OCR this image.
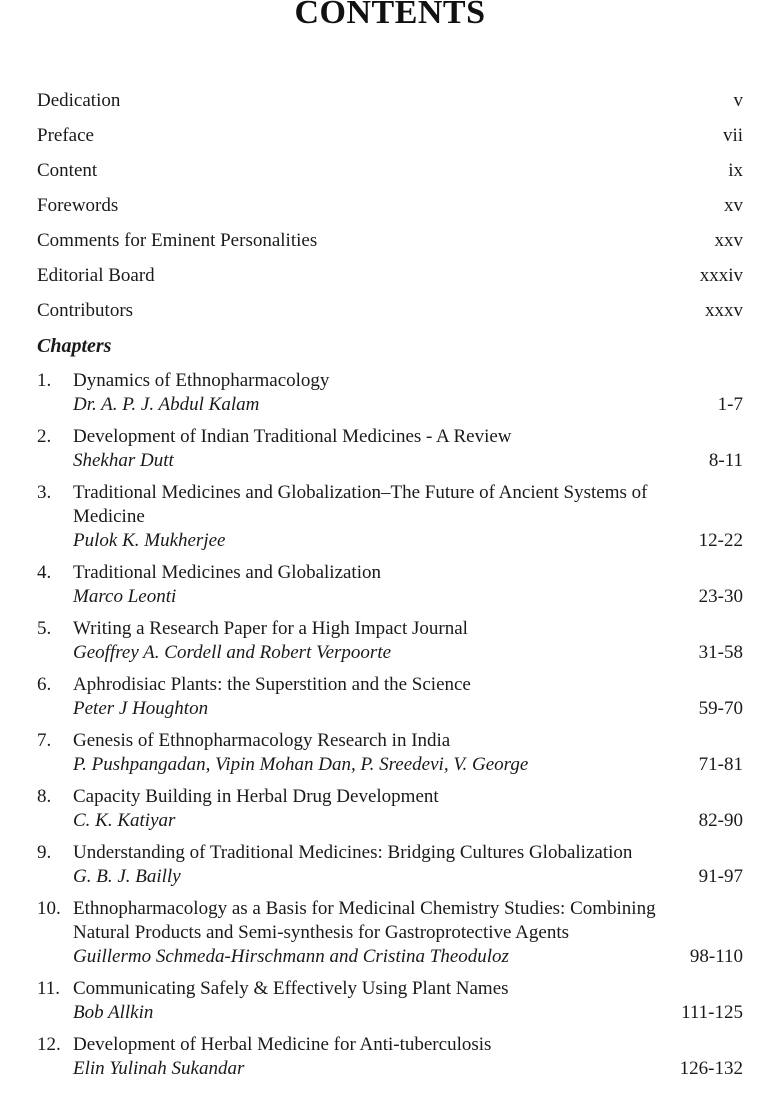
CONTENTS
Dedication	v
Preface	vii
Content	ix
Forewords	xv
Comments for Eminent Personalities	xxv
Editorial Board	xxxiv
Contributors	xxxv
Chapters
1. Dynamics of Ethnopharmacology
Dr. A. P. J. Abdul Kalam	1-7
2. Development of Indian Traditional Medicines - A Review
Shekhar Dutt	8-11
3. Traditional Medicines and Globalization–The Future of Ancient Systems of Medicine
Pulok K. Mukherjee	12-22
4. Traditional Medicines and Globalization
Marco Leonti	23-30
5. Writing a Research Paper for a High Impact Journal
Geoffrey A. Cordell and Robert Verpoorte	31-58
6. Aphrodisiac Plants: the Superstition and the Science
Peter J Houghton	59-70
7. Genesis of Ethnopharmacology Research in India
P. Pushpangadan, Vipin Mohan Dan, P. Sreedevi, V. George	71-81
8. Capacity Building in Herbal Drug Development
C. K. Katiyar	82-90
9. Understanding of Traditional Medicines: Bridging Cultures Globalization
G. B. J. Bailly	91-97
10. Ethnopharmacology as a Basis for Medicinal Chemistry Studies: Combining Natural Products and Semi-synthesis for Gastroprotective Agents
Guillermo Schmeda-Hirschmann and Cristina Theoduloz	98-110
11. Communicating Safely & Effectively Using Plant Names
Bob Allkin	111-125
12. Development of Herbal Medicine for Anti-tuberculosis
Elin Yulinah Sukandar	126-132
